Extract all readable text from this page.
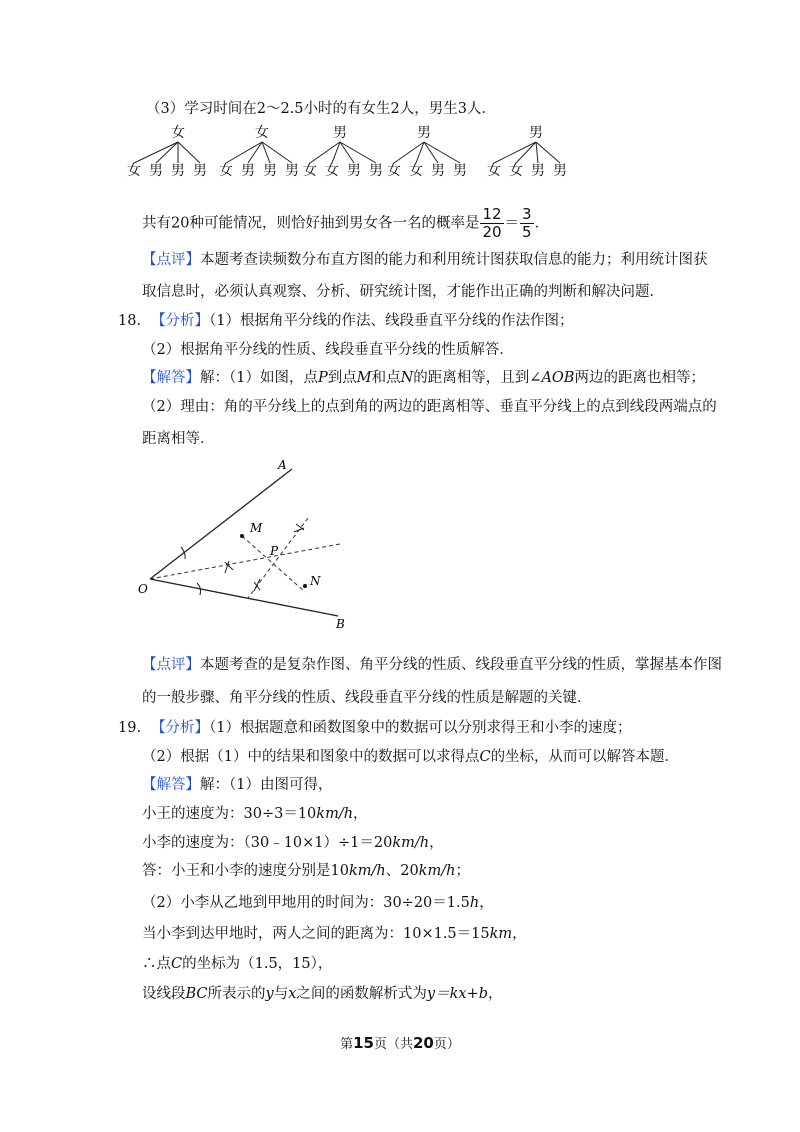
（3）学习时间在2～2.5小时的有女生2人，男生3人．
女
女 男 男 男
女
女 男 男 男
男
女 女 男 男
男
女 女 男 男
男
女 女 男 男
共有20种可能情况，则恰好抽到男女各一名的概率是 $\frac{12}{20} = \frac{3}{5}$ ．
【点评】本题考查读频数分布直方图的能力和利用统计图获取信息的能力；利用统计图获
取信息时，必须认真观察、分析、研究统计图，才能作出正确的判断和解决问题．
18. 【分析】（1）根据角平分线的作法、线段垂直平分线的作法作图；
（2）根据角平分线的性质、线段垂直平分线的性质解答．
【解答】解：（1）如图，点P到点M和点N的距离相等，且到∠AOB两边的距离也相等；
（2）理由：角的平分线上的点到角的两边的距离相等、垂直平分线上的点到线段两端点的
距离相等．
A
B
O
M
N
P
【点评】本题考查的是复杂作图、角平分线的性质、线段垂直平分线的性质，掌握基本作图
的一般步骤、角平分线的性质、线段垂直平分线的性质是解题的关键．
19. 【分析】（1）根据题意和函数图象中的数据可以分别求得王和小李的速度；
（2）根据（1）中的结果和图象中的数据可以求得点C的坐标，从而可以解答本题．
【解答】解：（1）由图可得，
小王的速度为：30÷3＝10km/h，
小李的速度为：（30﹣10×1）÷1＝20km/h，
答：小王和小李的速度分别是10km/h、20km/h；
（2）小李从乙地到甲地用的时间为：30÷20＝1.5h，
当小李到达甲地时，两人之间的距离为：10×1.5＝15km，
∴点C的坐标为（1.5，15），
设线段BC所表示的y与x之间的函数解析式为y＝kx+b，
第15页（共20页）
